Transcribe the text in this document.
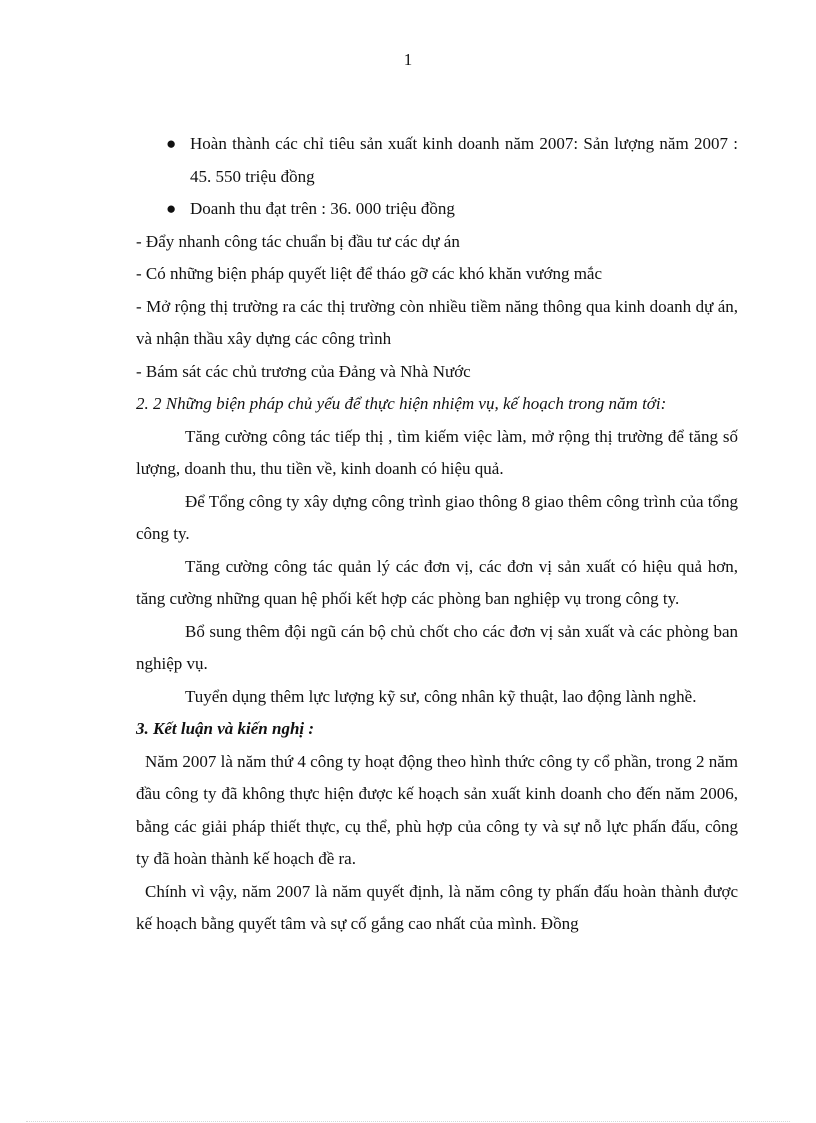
1
● Hoàn thành các chỉ tiêu sản xuất kinh doanh năm 2007: Sản lượng năm 2007 : 45. 550 triệu đồng
● Doanh thu đạt trên : 36. 000 triệu đồng
- Đẩy nhanh công tác chuẩn bị đầu tư các dự án
- Có những biện pháp quyết liệt để tháo gỡ các khó khăn vướng mắc
- Mở rộng thị trường ra các thị trường còn nhiều tiềm năng thông qua kinh doanh dự án, và nhận thầu xây dựng các công trình
- Bám sát các chủ trương của Đảng và Nhà Nước
2. 2 Những biện pháp chủ yếu để thực hiện nhiệm vụ, kế hoạch trong năm tới:
Tăng cường công tác tiếp thị , tìm kiếm việc làm, mở rộng thị trường để tăng số lượng, doanh thu, thu tiền về, kinh doanh có hiệu quả.
Để Tổng công ty xây dựng công trình giao thông 8 giao thêm công trình của tổng công ty.
Tăng cường công tác quản lý các đơn vị, các đơn vị sản xuất có hiệu quả hơn, tăng cường những quan hệ phối kết hợp các phòng ban nghiệp vụ trong công ty.
Bổ sung thêm đội ngũ cán bộ chủ chốt cho các đơn vị sản xuất và các phòng ban nghiệp vụ.
Tuyển dụng thêm lực lượng kỹ sư, công nhân kỹ thuật, lao động lành nghề.
3. Kết luận và kiến nghị :
Năm 2007 là năm thứ 4 công ty hoạt động theo hình thức công ty cổ phần, trong 2 năm đầu công ty đã không thực hiện được kế hoạch sản xuất kinh doanh cho đến năm 2006, bằng các giải pháp thiết thực, cụ thể, phù hợp của công ty và sự nỗ lực phấn đấu, công ty đã hoàn thành kế hoạch đề ra.
Chính vì vậy, năm 2007 là năm quyết định, là năm công ty phấn đấu hoàn thành được kế hoạch bằng quyết tâm và sự cố gắng cao nhất của mình. Đồng
